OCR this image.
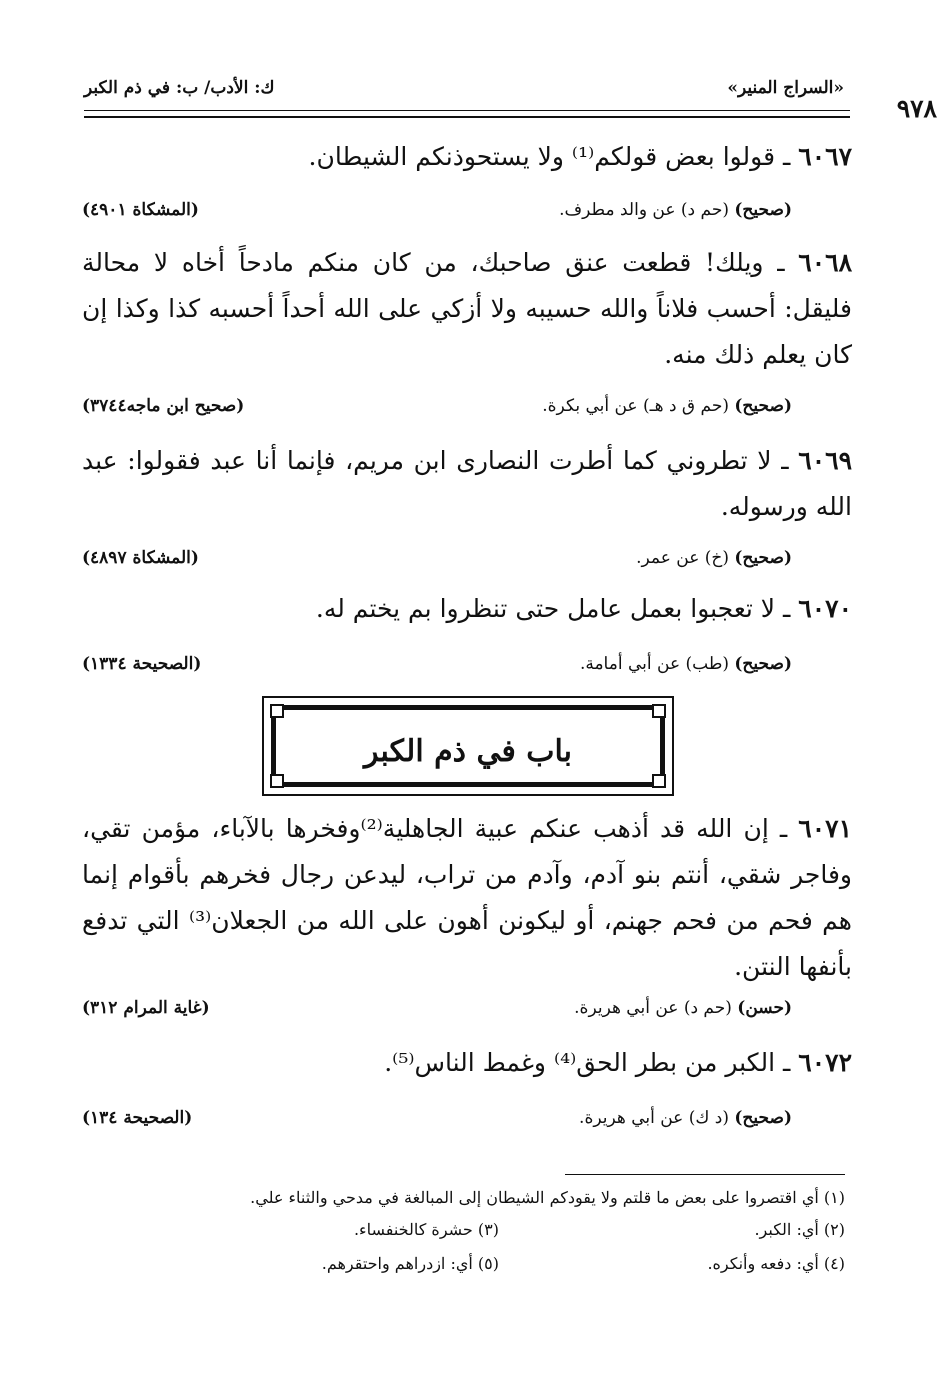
«السراج المنير»
ك: الأدب/ ب: في ذم الكبر
٩٧٨
٦٠٦٧ ـ قولوا بعض قولكم⁽¹⁾ ولا يستحوذنكم الشيطان.
(صحيح) (حم د) عن والد مطرف.
(المشكاة ٤٩٠١)
٦٠٦٨ ـ ويلك! قطعت عنق صاحبك، من كان منكم مادحاً أخاه لا محالة فليقل: أحسب فلاناً والله حسيبه ولا أزكي على الله أحداً أحسبه كذا وكذا إن كان يعلم ذلك منه.
(صحيح) (حم ق د هـ) عن أبي بكرة.
(صحيح ابن ماجه٣٧٤٤)
٦٠٦٩ ـ لا تطروني كما أطرت النصارى ابن مريم، فإنما أنا عبد فقولوا: عبد الله ورسوله.
(صحيح) (خ) عن عمر.
(المشكاة ٤٨٩٧)
٦٠٧٠ ـ لا تعجبوا بعمل عامل حتى تنظروا بم يختم له.
(صحيح) (طب) عن أبي أمامة.
(الصحيحة ١٣٣٤)
باب في ذم الكبر
٦٠٧١ ـ إن الله قد أذهب عنكم عبية الجاهلية⁽²⁾وفخرها بالآباء، مؤمن تقي، وفاجر شقي، أنتم بنو آدم، وآدم من تراب، ليدعن رجال فخرهم بأقوام إنما هم فحم من فحم جهنم، أو ليكونن أهون على الله من الجعلان⁽³⁾ التي تدفع بأنفها النتن.
(حسن) (حم د) عن أبي هريرة.
(غاية المرام ٣١٢)
٦٠٧٢ ـ الكبر من بطر الحق⁽⁴⁾ وغمط الناس⁽⁵⁾.
(صحيح) (د ك) عن أبي هريرة.
(الصحيحة ١٣٤)
(١) أي اقتصروا على بعض ما قلتم ولا يقودكم الشيطان إلى المبالغة في مدحي والثناء علي.
(٢) أي: الكبر.
(٣) حشرة كالخنفساء.
(٤) أي: دفعه وأنكره.
(٥) أي: ازدراهم واحتقرهم.
